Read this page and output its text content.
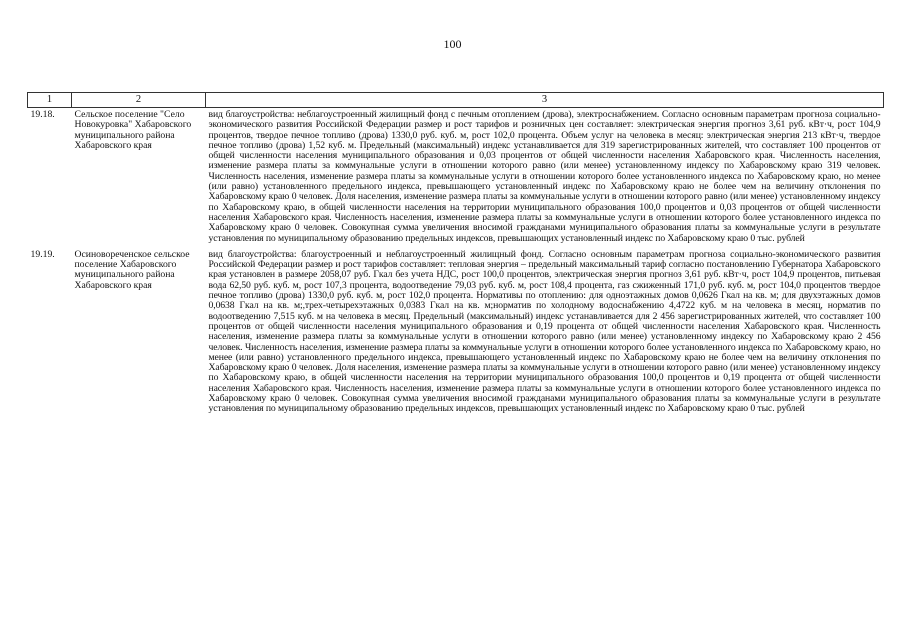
100
1	2	3
19.18.	Сельское поселение "Село Новокуровка" Хабаровского муниципального района Хабаровского края	вид благоустройства: неблагоустроенный жилищный фонд с печным отоплением (дрова), электроснабжением. Согласно основным параметрам прогноза социально-экономического развития Российской Федерации размер и рост тарифов и розничных цен составляет: электрическая энергия прогноз 3,61 руб. кВт·ч, рост 104,9 процентов, твердое печное топливо (дрова) 1330,0 руб. куб. м, рост 102,0 процента. Объем услуг на человека в месяц: электрическая энергия 213 кВт·ч, твердое печное топливо (дрова) 1,52 куб. м. Предельный (максимальный) индекс устанавливается для 319 зарегистрированных жителей, что составляет 100 процентов от общей численности населения муниципального образования и 0,03 процентов от общей численности населения Хабаровского края. Численность населения, изменение размера платы за коммунальные услуги в отношении которого равно (или менее) установленному индексу по Хабаровскому краю 319 человек. Численность населения, изменение размера платы за коммунальные услуги в отношении которого более установленного индекса по Хабаровскому краю, но менее (или равно) установленного предельного индекса, превышающего установленный индекс по Хабаровскому краю не более чем на величину отклонения по Хабаровскому краю 0 человек. Доля населения, изменение размера платы за коммунальные услуги в отношении которого равно (или менее) установленному индексу по Хабаровскому краю, в общей численности населения на территории муниципального образования 100,0 процентов и 0,03 процентов от общей численности населения Хабаровского края. Численность населения, изменение размера платы за коммунальные услуги в отношении которого более установленного индекса по Хабаровскому краю 0 человек. Совокупная сумма увеличения вносимой гражданами муниципального образования платы за коммунальные услуги в результате установления по муниципальному образованию предельных индексов, превышающих установленный индекс по Хабаровскому краю 0 тыс. рублей
19.19.	Осиновореченское сельское поселение Хабаровского муниципального района Хабаровского края	вид благоустройства: благоустроенный и неблагоустроенный жилищный фонд. Согласно основным параметрам прогноза социально-экономического развития Российской Федерации размер и рост тарифов составляет: тепловая энергия – предельный максимальный тариф согласно постановлению Губернатора Хабаровского края установлен в размере 2058,07 руб. Гкал без учета НДС, рост 100,0 процентов, электрическая энергия прогноз 3,61 руб. кВт·ч, рост 104,9 процентов, питьевая вода 62,50 руб. куб. м, рост 107,3 процента, водоотведение 79,03 руб. куб. м, рост 108,4 процента, газ сжиженный 171,0 руб. куб. м, рост 104,0 процентов твердое печное топливо (дрова) 1330,0 руб. куб. м, рост 102,0 процента. Нормативы по отоплению: для одноэтажных домов 0,0626 Гкал на кв. м; для двухэтажных домов 0,0638 Гкал на кв. м;,трех-четырехэтажных 0,0383 Гкал на кв. м;норматив по холодному водоснабжению 4,4722 куб. м на человека в месяц, норматив по водоотведению 7,515 куб. м на человека в месяц. Предельный (максимальный) индекс устанавливается для 2 456 зарегистрированных жителей, что составляет 100 процентов от общей численности населения муниципального образования и 0,19 процента от общей численности населения Хабаровского края. Численность населения, изменение размера платы за коммунальные услуги в отношении которого равно (или менее) установленному индексу по Хабаровскому краю 2 456 человек. Численность населения, изменение размера платы за коммунальные услуги в отношении которого более установленного индекса по Хабаровскому краю, но менее (или равно) установленного предельного индекса, превышающего установленный индекс по Хабаровскому краю не более чем на величину отклонения по Хабаровскому краю 0 человек. Доля населения, изменение размера платы за коммунальные услуги в отношении которого равно (или менее) установленному индексу по Хабаровскому краю, в общей численности населения на территории муниципального образования 100,0 процентов и 0,19 процента от общей численности населения Хабаровского края. Численность населения, изменение размера платы за коммунальные услуги в отношении которого более установленного индекса по Хабаровскому краю 0 человек. Совокупная сумма увеличения вносимой гражданами муниципального образования платы за коммунальные услуги в результате установления по муниципальному образованию предельных индексов, превышающих установленный индекс по Хабаровскому краю 0 тыс. рублей
